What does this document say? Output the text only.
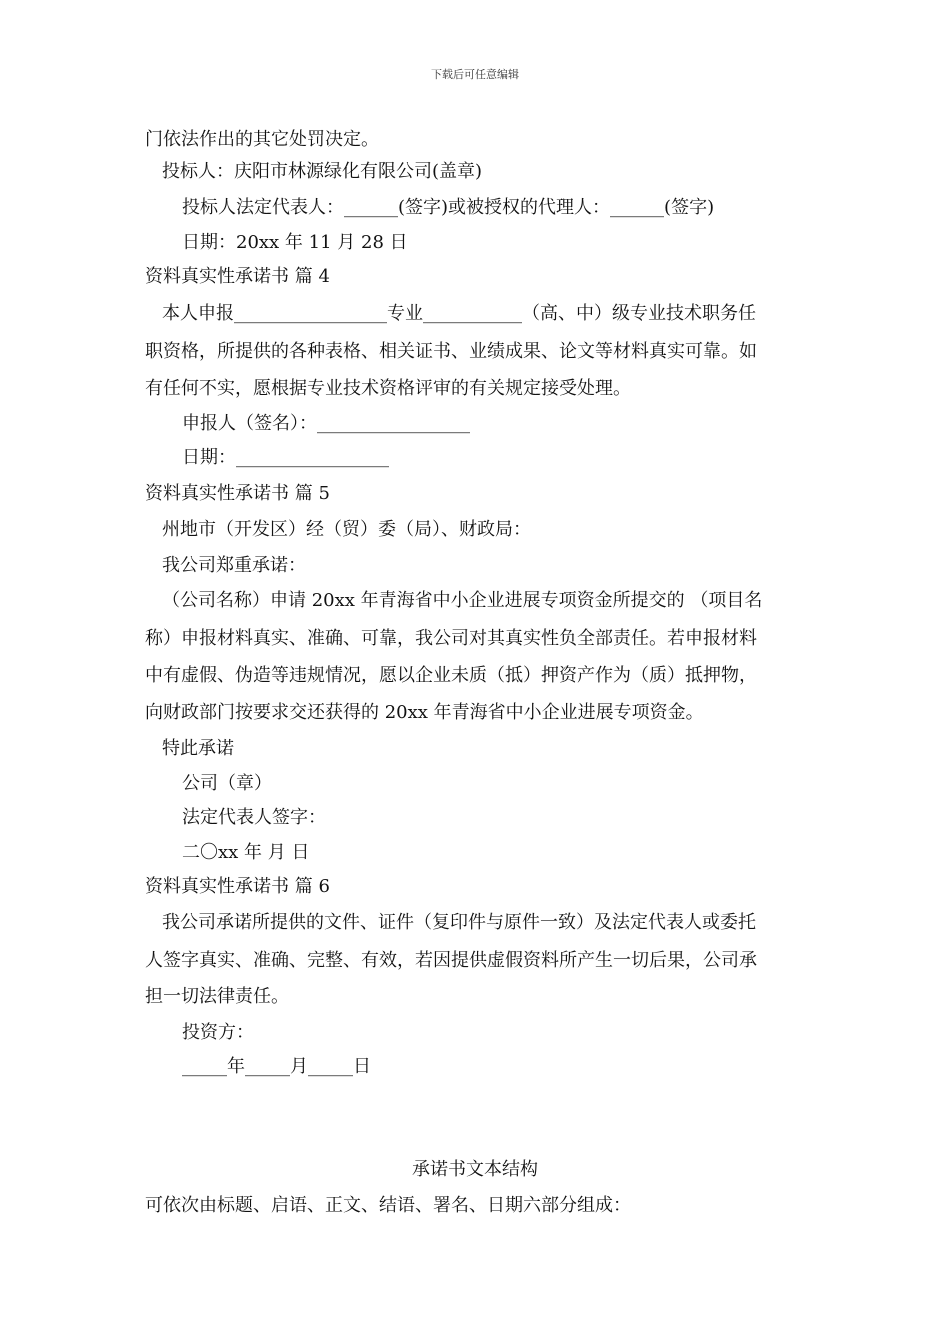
下载后可任意编辑
门依法作出的其它处罚决定。
投标人：庆阳市林源绿化有限公司(盖章)
投标人法定代表人：______(签字)或被授权的代理人：______(签字)
日期：20xx 年 11 月 28 日
资料真实性承诺书 篇 4
本人申报_________________专业___________（高、中）级专业技术职务任
职资格，所提供的各种表格、相关证书、业绩成果、论文等材料真实可靠。如
有任何不实，愿根据专业技术资格评审的有关规定接受处理。
申报人（签名）：_________________
日期：_________________
资料真实性承诺书 篇 5
州地市（开发区）经（贸）委（局）、财政局：
我公司郑重承诺：
（公司名称）申请 20xx 年青海省中小企业进展专项资金所提交的 （项目名
称）申报材料真实、准确、可靠，我公司对其真实性负全部责任。若申报材料
中有虚假、伪造等违规情况，愿以企业未质（抵）押资产作为（质）抵押物，
向财政部门按要求交还获得的 20xx 年青海省中小企业进展专项资金。
特此承诺
公司（章）
法定代表人签字：
二〇xx 年 月 日
资料真实性承诺书 篇 6
我公司承诺所提供的文件、证件（复印件与原件一致）及法定代表人或委托
人签字真实、准确、完整、有效，若因提供虚假资料所产生一切后果，公司承
担一切法律责任。
投资方：
_____年_____月_____日
承诺书文本结构
可依次由标题、启语、正文、结语、署名、日期六部分组成：
